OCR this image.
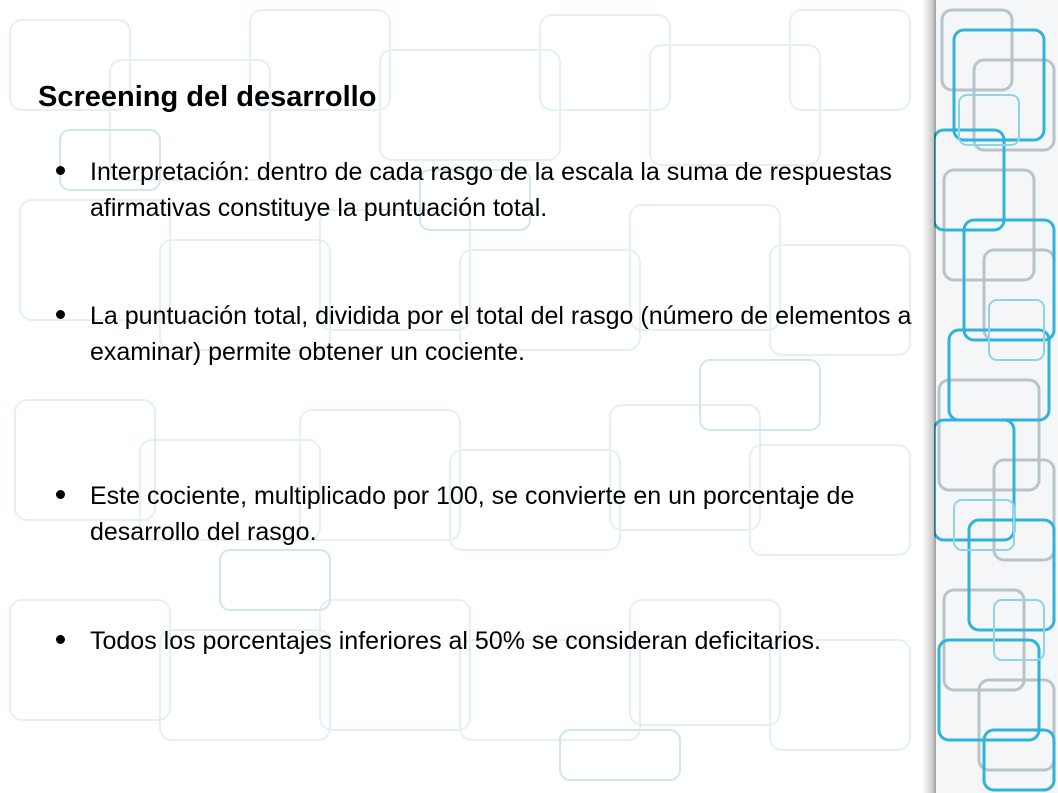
Screening del desarrollo
Interpretación: dentro de cada rasgo de la escala la suma de respuestas afirmativas constituye la puntuación total.
La puntuación total, dividida por el total del rasgo (número de elementos a examinar) permite obtener un cociente.
Este cociente, multiplicado por 100, se convierte en un porcentaje de desarrollo del rasgo.
Todos los porcentajes inferiores al 50% se consideran deficitarios.
